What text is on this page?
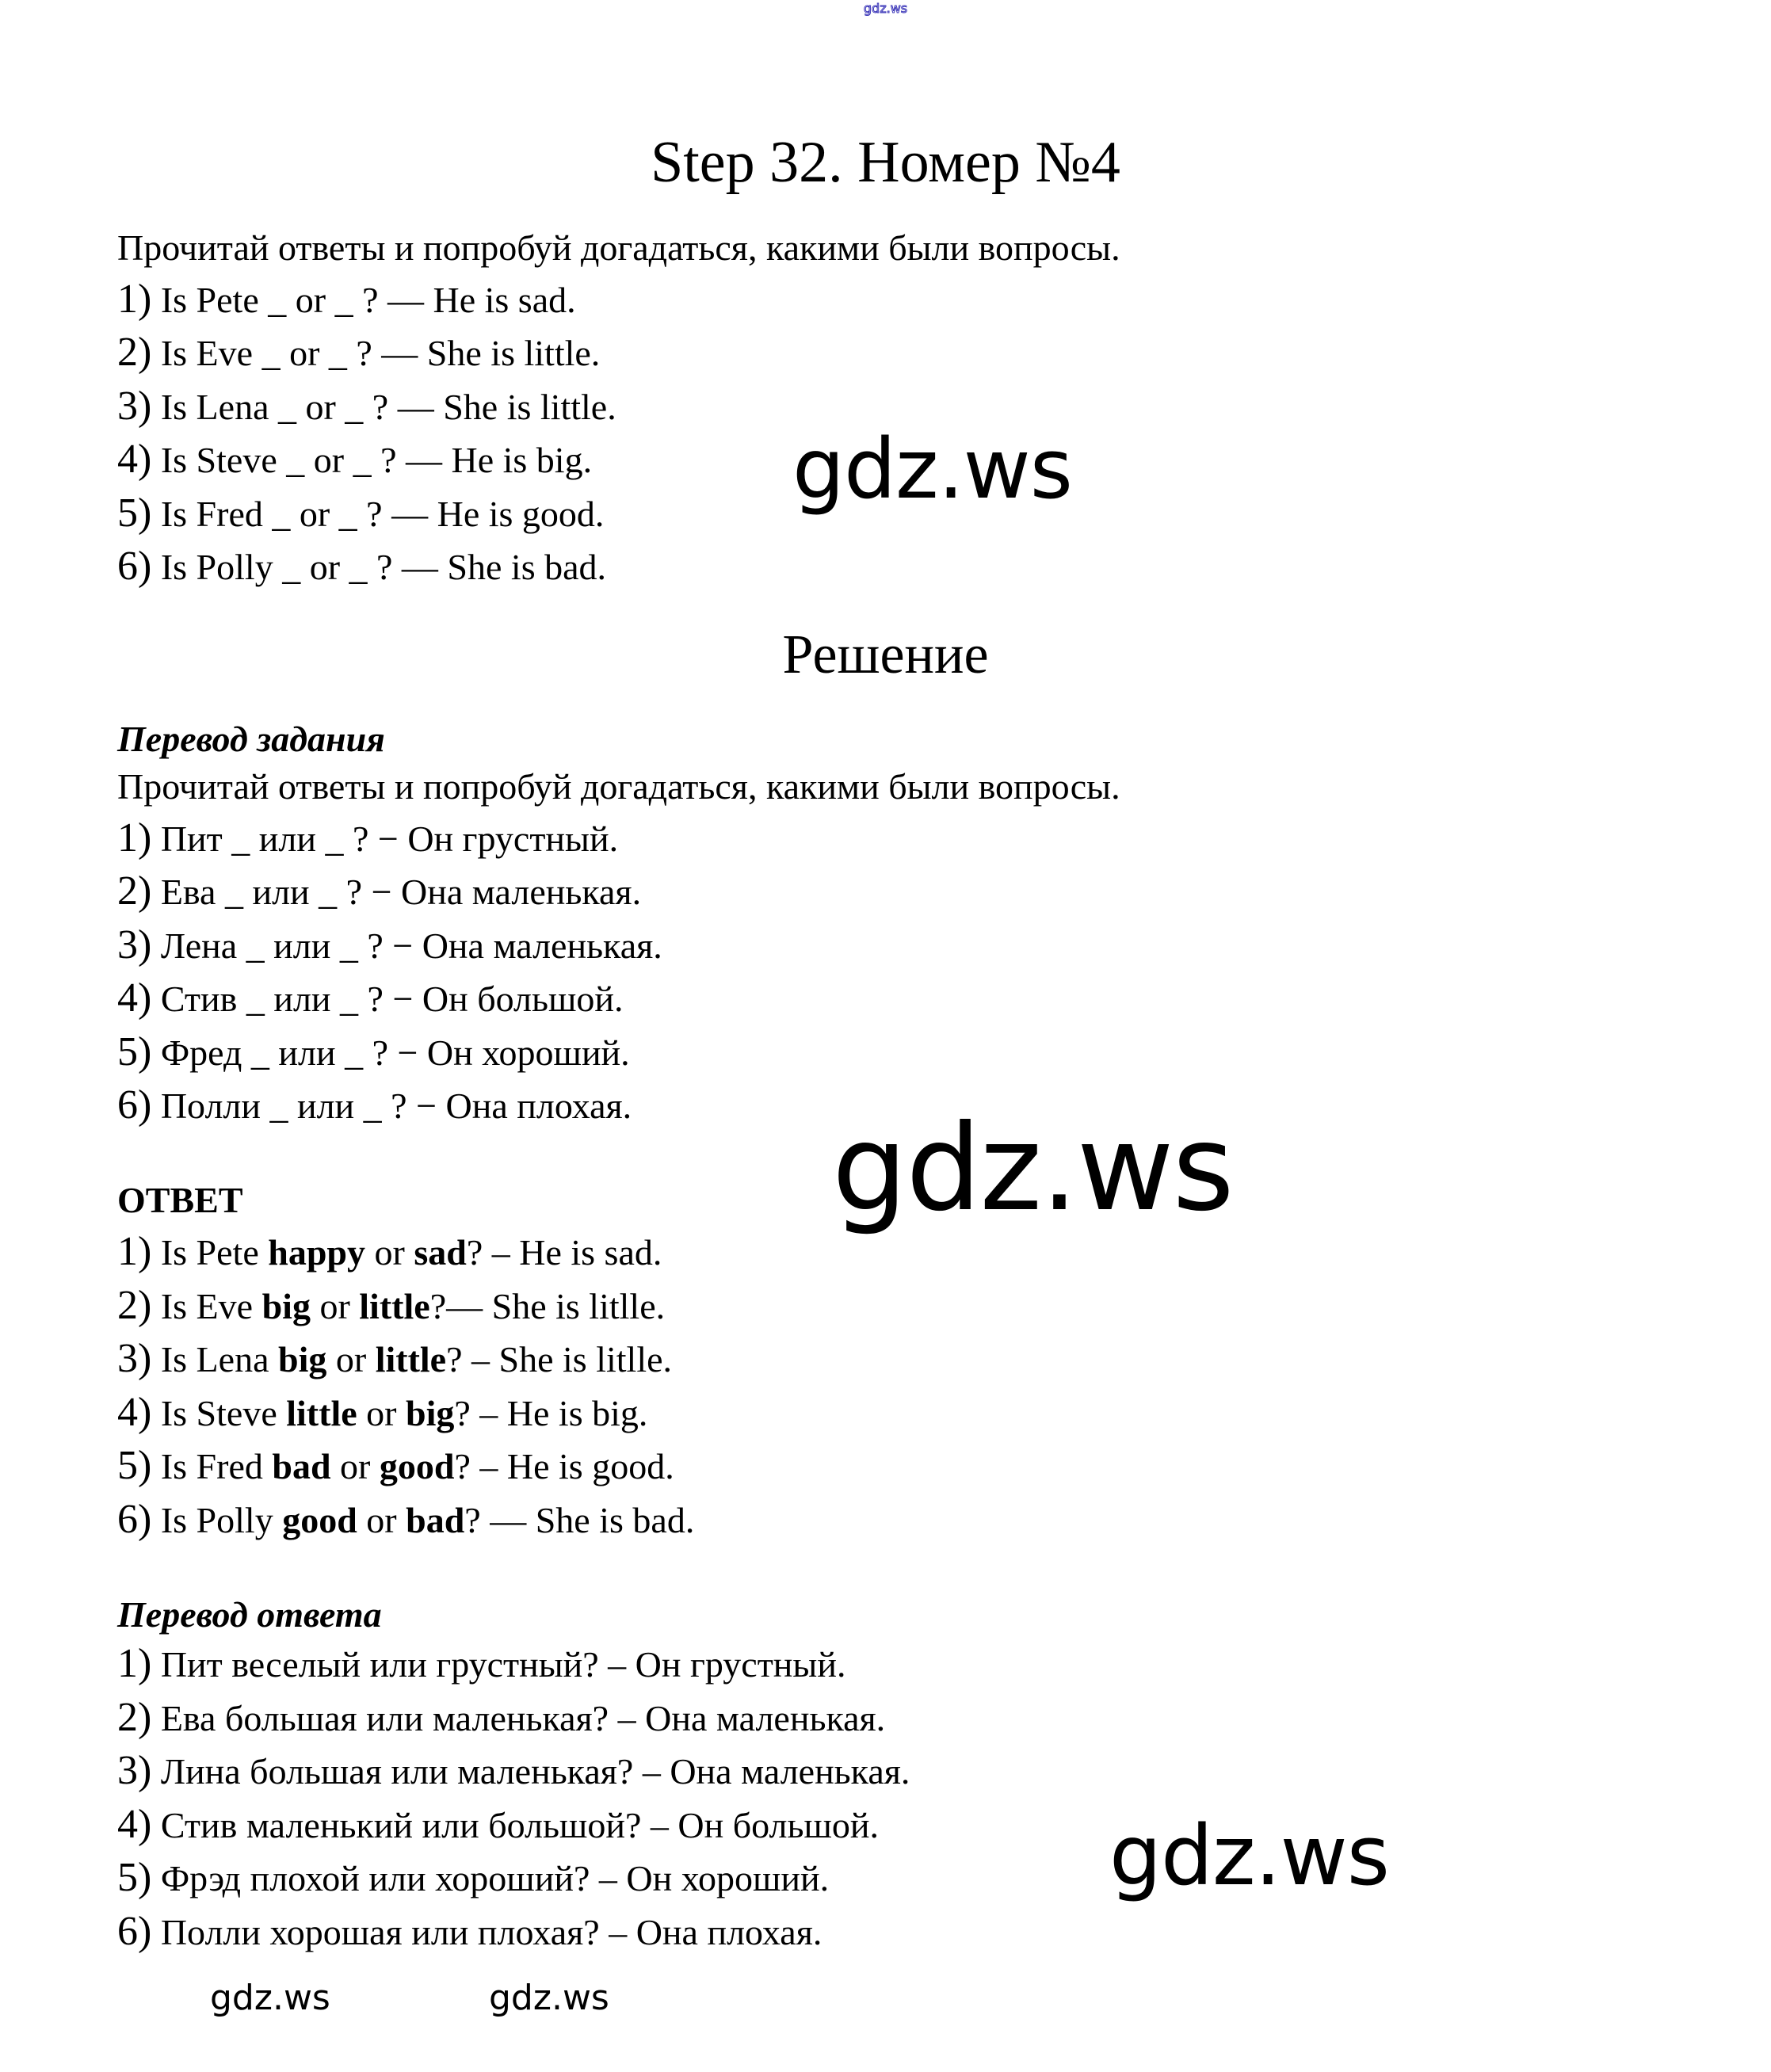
gdz.ws
Step 32. Номер №4
Прочитай ответы и попробуй догадаться, какими были вопросы.
1) Is Pete _ or _ ? — He is sad.
2) Is Eve _ or _ ? — She is little.
3) Is Lena _ or _ ? — She is little.
4) Is Steve _ or _ ? — He is big.
5) Is Fred _ or _ ? — He is good.
6) Is Polly _ or _ ? — She is bad.
gdz.ws
Решение
Перевод задания
Прочитай ответы и попробуй догадаться, какими были вопросы.
1) Пит _ или _ ? − Он грустный.
2) Ева _ или _ ? − Она маленькая.
3) Лена _ или _ ? − Она маленькая.
4) Стив _ или _ ? − Он большой.
5) Фред _ или _ ? − Он хороший.
6) Полли _ или _ ? − Она плохая. gdz.ws
ОТВЕТ
1) Is Pete happy or sad? – He is sad.
2) Is Eve big or little?— She is litlle.
3) Is Lena big or little? – She is litlle.
4) Is Steve little or big? – He is big.
5) Is Fred bad or good? – He is good.
6) Is Polly good or bad? — She is bad.
Перевод ответа
1) Пит веселый или грустный? – Он грустный.
2) Ева большая или маленькая? – Она маленькая.
3) Лина большая или маленькая? – Она маленькая.
4) Стив маленький или большой? – Он большой.
5) Фрэд плохой или хороший? – Он хороший.
6) Полли хорошая или плохая? – Она плохая.
gdz.ws
gdz.ws	gdz.ws
